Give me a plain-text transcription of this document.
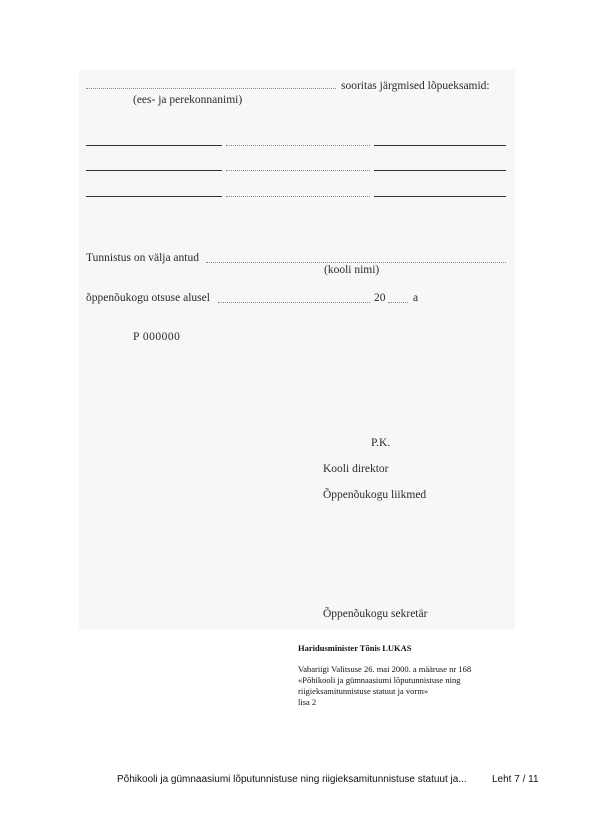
sooritas järgmised lõpueksamid:
(ees- ja perekonnanimi)
Tunnistus on välja antud
(kooli nimi)
õppenõukogu otsuse alusel	20 a
P 000000
P.K.
Kooli direktor
Õppenõukogu liikmed
Õppenõukogu sekretär
Haridusminister Tõnis LUKAS
Vabariigi Valitsuse 26. mai 2000. a määruse nr 168
«Põhikooli ja gümnaasiumi lõputunnistuse ning
riigieksamitunnistuse statuut ja vorm»
lisa 2
Põhikooli ja gümnaasiumi lõputunnistuse ning riigieksamitunnistuse statuut ja...	Leht 7 / 11
